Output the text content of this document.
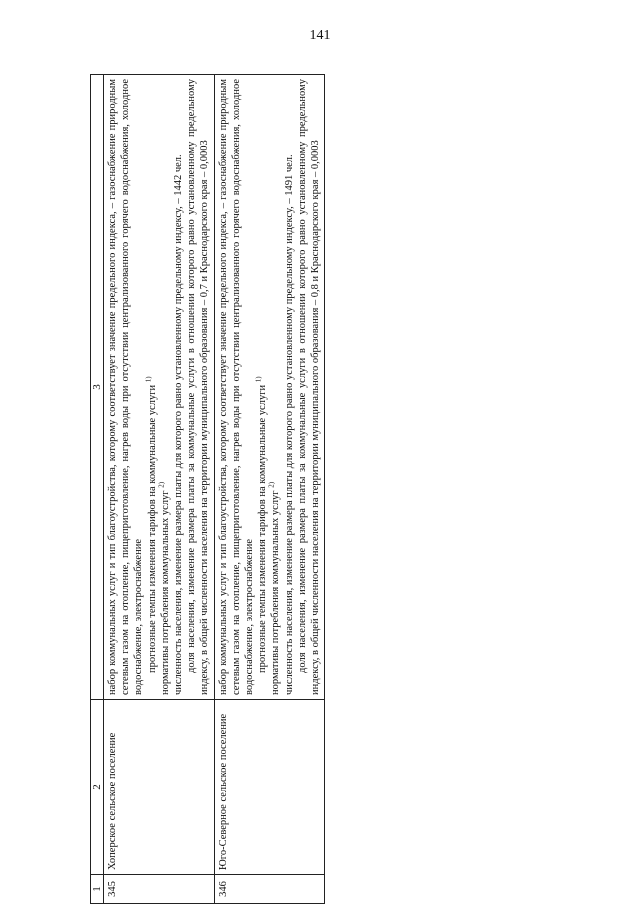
141
1	2	3
345	Хоперское сельское поселение	набор коммунальных услуг и тип благоустройства, которому соответствует значение предельного индекса, – газоснабжение природным сетевым газом на отопление, пищеприготовление, нагрев воды при отсутствии централизованного горячего водоснабжения, холодное водоснабжение, электроснабжение прогнозные темпы изменения тарифов на коммунальные услуги $^{1)}$

нормативы потребления коммунальных услуг $^{2)}$ численность населения, изменение размера платы для которого равно установленному предельному индексу, – 1442 чел. доля населения, изменение размера платы за коммунальные услуги в отношении которого равно установленному предельному индексу, в общей численности населения на территории муниципального образования – 0,7 и Краснодарского края – 0,0003

346	Юго-Северное сельское поселение	набор коммунальных услуг и тип благоустройства, которому соответствует значение предельного индекса, – газоснабжение природным сетевым газом на отопление, пищеприготовление, нагрев воды при отсутствии централизованного горячего водоснабжения, холодное водоснабжение, электроснабжение прогнозные темпы изменения тарифов на коммунальные услуги $^{1)}$

нормативы потребления коммунальных услуг $^{2)}$ численность населения, изменение размера платы для которого равно установленному предельному индексу, – 1491 чел. доля населения, изменение размера платы за коммунальные услуги в отношении которого равно установленному предельному индексу, в общей численности населения на территории муниципального образования – 0,8 и Краснодарского края – 0,0003
